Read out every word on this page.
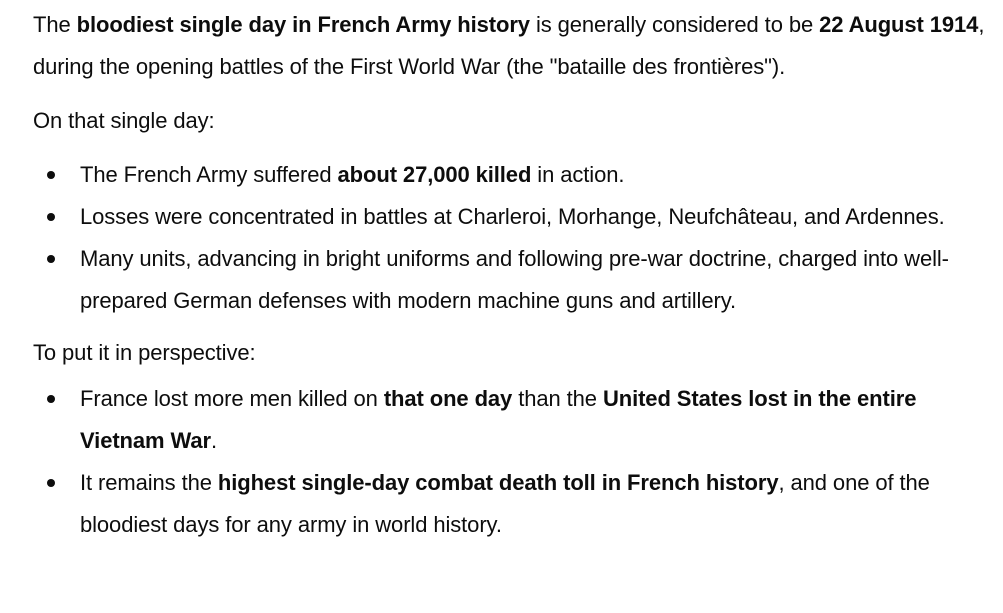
The bloodiest single day in French Army history is generally considered to be 22 August 1914, during the opening battles of the First World War (the "bataille des frontières").

On that single day:

The French Army suffered about 27,000 killed in action.
Losses were concentrated in battles at Charleroi, Morhange, Neufchâteau, and Ardennes.
Many units, advancing in bright uniforms and following pre-war doctrine, charged into well-prepared German defenses with modern machine guns and artillery.

To put it in perspective:

France lost more men killed on that one day than the United States lost in the entire Vietnam War.
It remains the highest single-day combat death toll in French history, and one of the bloodiest days for any army in world history.
